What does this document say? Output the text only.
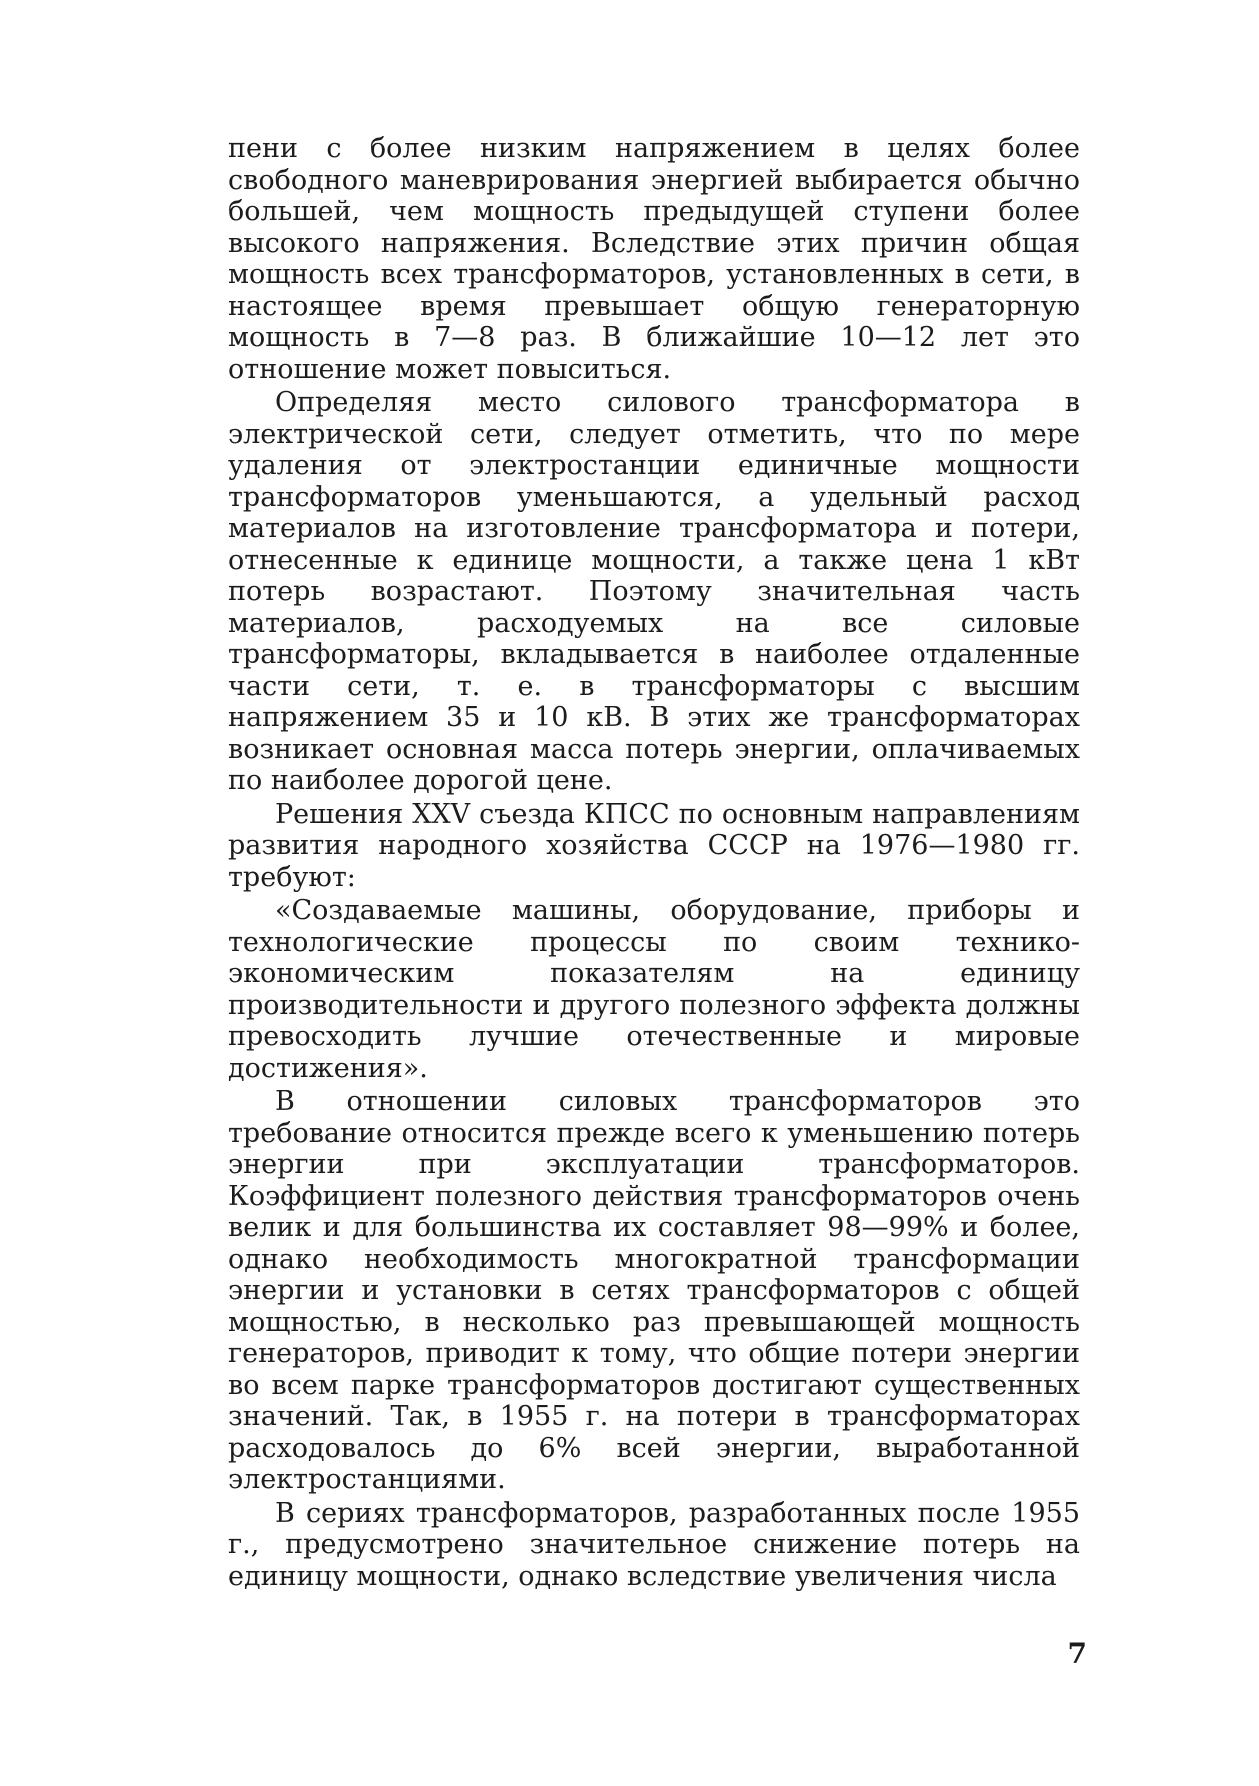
пени с более низким напряжением в целях более свободного маневрирования энергией выбирается обычно большей, чем мощность предыдущей ступени более высокого напряжения. Вследствие этих причин общая мощность всех трансформаторов, установленных в сети, в настоящее время превышает общую генераторную мощность в 7—8 раз. В ближайшие 10—12 лет это отношение может повыситься.

Определяя место силового трансформатора в электрической сети, следует отметить, что по мере удаления от электростанции единичные мощности трансформаторов уменьшаются, а удельный расход материалов на изготовление трансформатора и потери, отнесенные к единице мощности, а также цена 1 кВт потерь возрастают. Поэтому значительная часть материалов, расходуемых на все силовые трансформаторы, вкладывается в наиболее отдаленные части сети, т. е. в трансформаторы с высшим напряжением 35 и 10 кВ. В этих же трансформаторах возникает основная масса потерь энергии, оплачиваемых по наиболее дорогой цене.

Решения XXV съезда КПСС по основным направлениям развития народного хозяйства СССР на 1976—1980 гг. требуют:

«Создаваемые машины, оборудование, приборы и технологические процессы по своим технико-экономическим показателям на единицу производительности и другого полезного эффекта должны превосходить лучшие отечественные и мировые достижения».

В отношении силовых трансформаторов это требование относится прежде всего к уменьшению потерь энергии при эксплуатации трансформаторов. Коэффициент полезного действия трансформаторов очень велик и для большинства их составляет 98—99% и более, однако необходимость многократной трансформации энергии и установки в сетях трансформаторов с общей мощностью, в несколько раз превышающей мощность генераторов, приводит к тому, что общие потери энергии во всем парке трансформаторов достигают существенных значений. Так, в 1955 г. на потери в трансформаторах расходовалось до 6% всей энергии, выработанной электростанциями.

В сериях трансформаторов, разработанных после 1955 г., предусмотрено значительное снижение потерь на единицу мощности, однако вследствие увеличения числа

7
